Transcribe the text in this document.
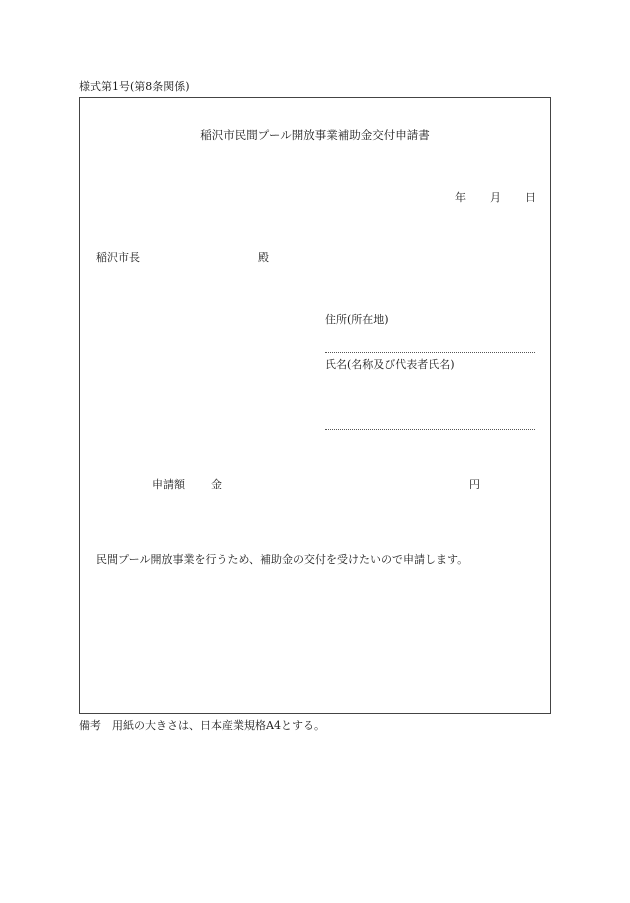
様式第1号(第8条関係)
稲沢市民間プール開放事業補助金交付申請書
年 月 日
稲沢市長	殿
住所(所在地)
氏名(名称及び代表者氏名)
申請額 金	円
民間プール開放事業を行うため、補助金の交付を受けたいので申請します。
備考　用紙の大きさは、日本産業規格A4とする。
